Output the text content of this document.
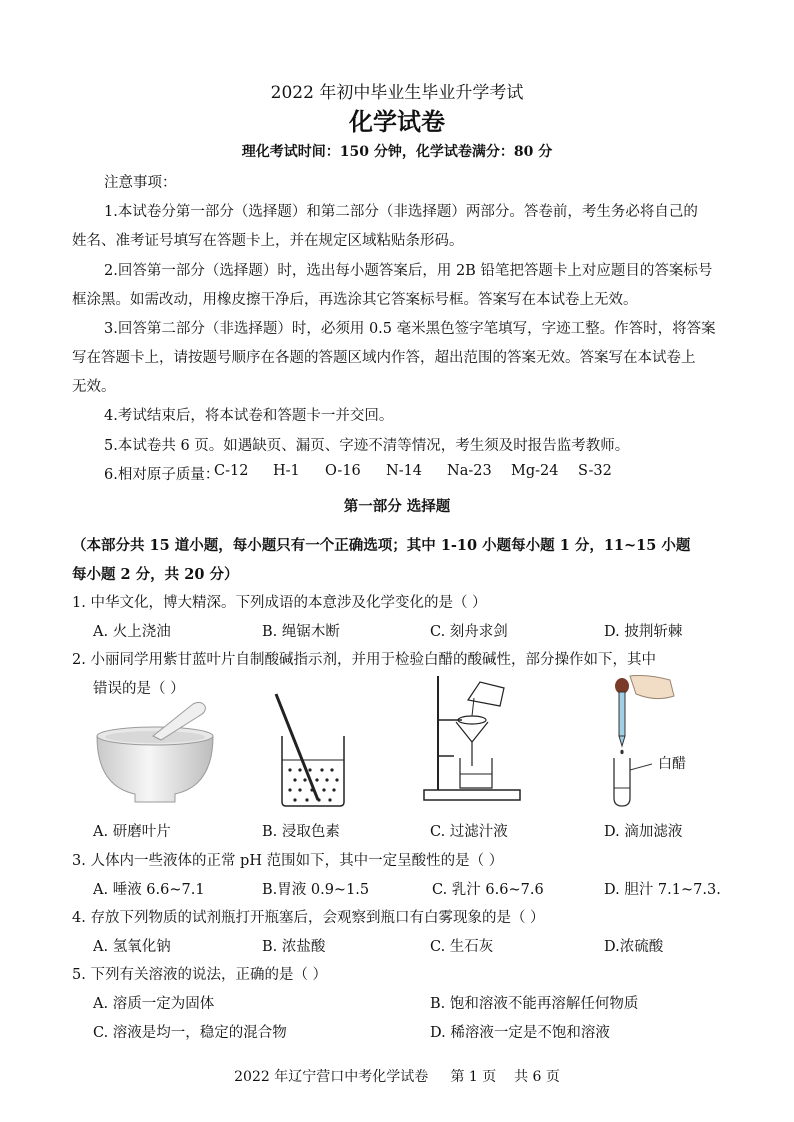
2022 年初中毕业生毕业升学考试
化学试卷
理化考试时间：150 分钟，化学试卷满分：80 分
注意事项：
1.本试卷分第一部分（选择题）和第二部分（非选择题）两部分。答卷前，考生务必将自己的
姓名、准考证号填写在答题卡上，并在规定区域粘贴条形码。
2.回答第一部分（选择题）时，选出每小题答案后，用 2B 铅笔把答题卡上对应题目的答案标号
框涂黑。如需改动，用橡皮擦干净后，再选涂其它答案标号框。答案写在本试卷上无效。
3.回答第二部分（非选择题）时，必须用 0.5 毫米黑色签字笔填写，字迹工整。作答时，将答案
写在答题卡上，请按题号顺序在各题的答题区域内作答，超出范围的答案无效。答案写在本试卷上
无效。
4.考试结束后，将本试卷和答题卡一并交回。
5.本试卷共 6 页。如遇缺页、漏页、字迹不清等情况，考生须及时报告监考教师。
6.相对原子质量：
C-12 H-1 O-16 N-14 Na-23 Mg-24 S-32
第一部分 选择题
（本部分共 15 道小题，每小题只有一个正确选项；其中 1-10 小题每小题 1 分，11~15 小题
每小题 2 分，共 20 分）
1. 中华文化，博大精深。下列成语的本意涉及化学变化的是（ ）
A. 火上浇油	B. 绳锯木断	C. 刻舟求剑	D. 披荆斩棘
2. 小丽同学用紫甘蓝叶片自制酸碱指示剂，并用于检验白醋的酸碱性，部分操作如下，其中
错误的是（ ）
白醋
A. 研磨叶片	B. 浸取色素	C. 过滤汁液	D. 滴加滤液
3. 人体内一些液体的正常 pH 范围如下，其中一定呈酸性的是（ ）
A. 唾液 6.6~7.1	B.胃液 0.9~1.5	C. 乳汁 6.6~7.6	D. 胆汁 7.1~7.3.
4. 存放下列物质的试剂瓶打开瓶塞后，会观察到瓶口有白雾现象的是（ ）
A. 氢氧化钠	B. 浓盐酸	C. 生石灰	D.浓硫酸
5. 下列有关溶液的说法，正确的是（ ）
A. 溶质一定为固体	B. 饱和溶液不能再溶解任何物质
C. 溶液是均一，稳定的混合物	D. 稀溶液一定是不饱和溶液
2022 年辽宁营口中考化学试卷     第 1 页    共 6 页
